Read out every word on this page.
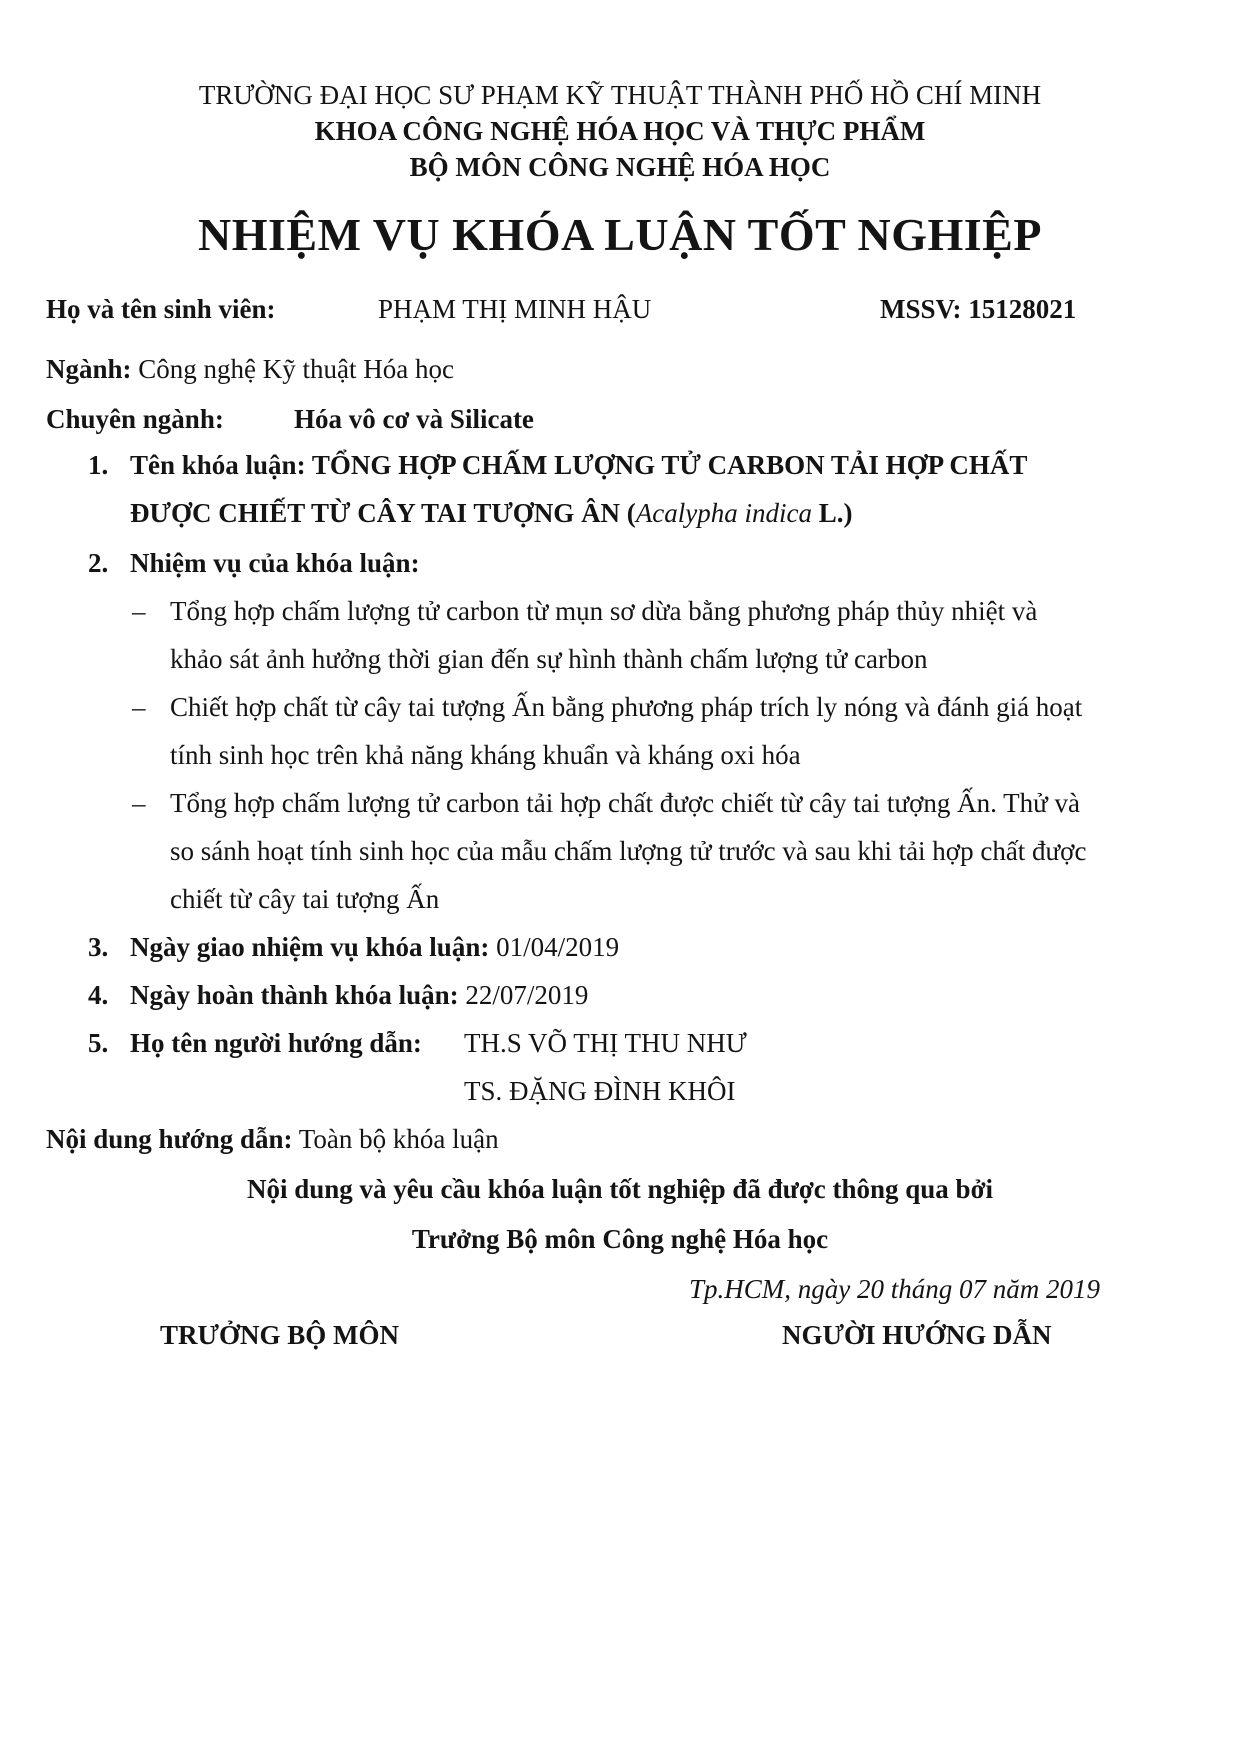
TRƯỜNG ĐẠI HỌC SƯ PHẠM KỸ THUẬT THÀNH PHỐ HỒ CHÍ MINH
KHOA CÔNG NGHỆ HÓA HỌC VÀ THỰC PHẨM
BỘ MÔN CÔNG NGHỆ HÓA HỌC
NHIỆM VỤ KHÓA LUẬN TỐT NGHIỆP
Họ và tên sinh viên:	PHẠM THỊ MINH HẬU	MSSV: 15128021
Ngành: Công nghệ Kỹ thuật Hóa học
Chuyên ngành:	Hóa vô cơ và Silicate
1. Tên khóa luận: TỔNG HỢP CHẤM LƯỢNG TỬ CARBON TẢI HỢP CHẤT
ĐƯỢC CHIẾT TỪ CÂY TAI TƯỢNG ÂN (Acalypha indica L.)
2. Nhiệm vụ của khóa luận:
– Tổng hợp chấm lượng tử carbon từ mụn sơ dừa bằng phương pháp thủy nhiệt và
khảo sát ảnh hưởng thời gian đến sự hình thành chấm lượng tử carbon
– Chiết hợp chất từ cây tai tượng Ấn bằng phương pháp trích ly nóng và đánh giá hoạt
tính sinh học trên khả năng kháng khuẩn và kháng oxi hóa
– Tổng hợp chấm lượng tử carbon tải hợp chất được chiết từ cây tai tượng Ấn. Thử và
so sánh hoạt tính sinh học của mẫu chấm lượng tử trước và sau khi tải hợp chất được
chiết từ cây tai tượng Ấn
3. Ngày giao nhiệm vụ khóa luận: 01/04/2019
4. Ngày hoàn thành khóa luận: 22/07/2019
5. Họ tên người hướng dẫn: TH.S VÕ THỊ THU NHƯ
TS. ĐẶNG ĐÌNH KHÔI
Nội dung hướng dẫn: Toàn bộ khóa luận
Nội dung và yêu cầu khóa luận tốt nghiệp đã được thông qua bởi
Trưởng Bộ môn Công nghệ Hóa học
Tp.HCM, ngày 20 tháng 07 năm 2019
TRƯỞNG BỘ MÔN	NGƯỜI HƯỚNG DẪN
